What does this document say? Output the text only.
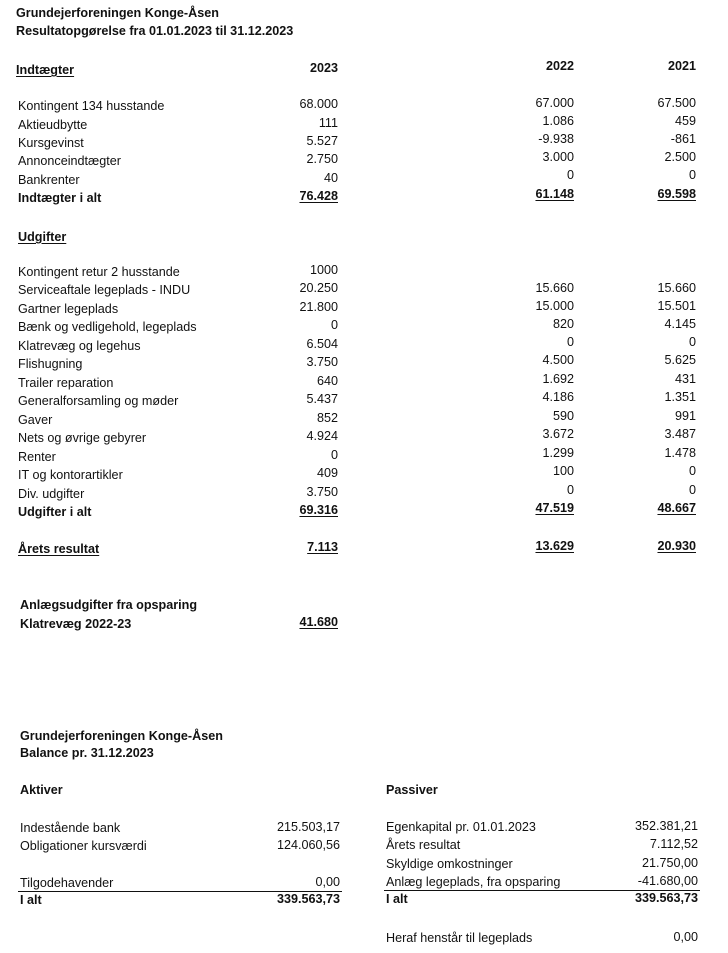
Grundejerforeningen Konge-Åsen
Resultatopgørelse fra 01.01.2023 til 31.12.2023
2023	2022	2021
Indtægter
Kontingent 134 husstande	68.000	67.000	67.500
Aktieudbytte	111	1.086	459
Kursgevinst	5.527	-9.938	-861
Annonceindtægter	2.750	3.000	2.500
Bankrenter	40	0	0
Indtægter i alt	76.428	61.148	69.598
Udgifter
Kontingent retur 2 husstande	1000
Serviceaftale legeplads - INDU	20.250	15.660	15.660
Gartner legeplads	21.800	15.000	15.501
Bænk og vedligehold, legeplads	0	820	4.145
Klatrevæg og legehus	6.504	0	0
Flishugning	3.750	4.500	5.625
Trailer reparation	640	1.692	431
Generalforsamling og møder	5.437	4.186	1.351
Gaver	852	590	991
Nets og øvrige gebyrer	4.924	3.672	3.487
Renter	0	1.299	1.478
IT og kontorartikler	409	100	0
Div. udgifter	3.750	0	0
Udgifter i alt	69.316	47.519	48.667
Årets resultat	7.113	13.629	20.930
Anlægsudgifter fra opsparing
Klatrevæg 2022-23	41.680
Grundejerforeningen Konge-Åsen
Balance pr. 31.12.2023
Aktiver
Indestående bank	215.503,17
Obligationer kursværdi	124.060,56
Tilgodehavender	0,00
I alt	339.563,73
Passiver
Egenkapital pr. 01.01.2023	352.381,21
Årets resultat	7.112,52
Skyldige omkostninger	21.750,00
Anlæg legeplads, fra opsparing	-41.680,00
I alt	339.563,73
Heraf henstår til legeplads	0,00
